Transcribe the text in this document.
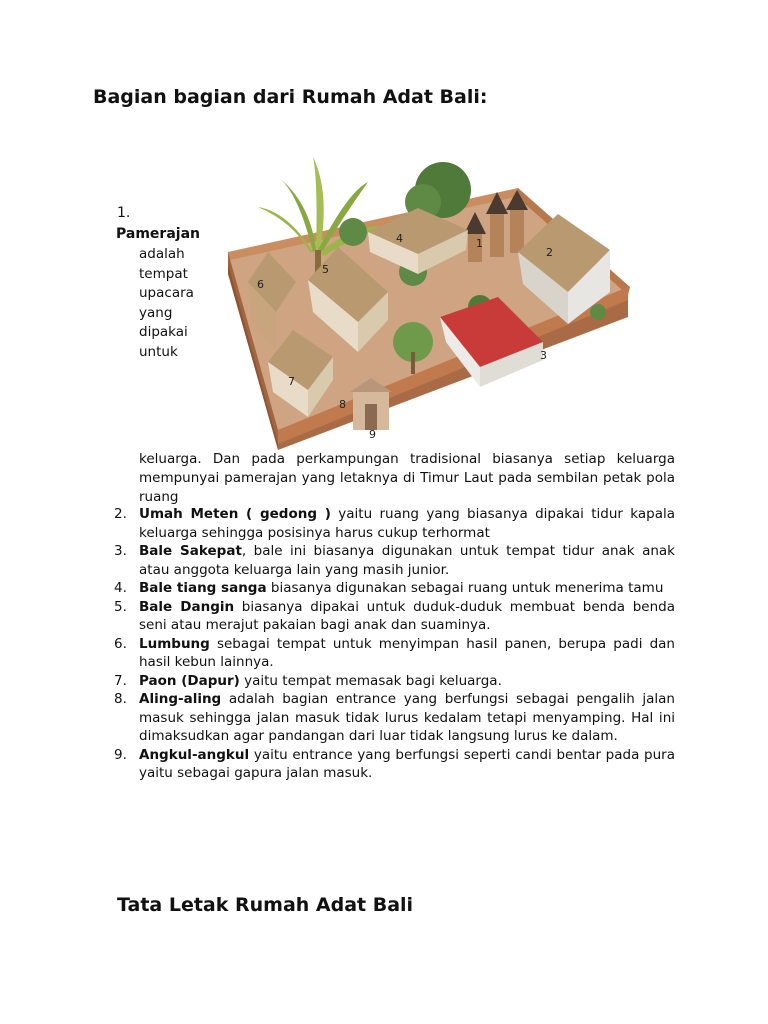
Bagian bagian dari Rumah Adat Bali:
1.
Pamerajan
adalah
tempat
upacara
yang
dipakai
untuk
1
2
3
4
5
6
7
8
9

keluarga. Dan pada perkampungan tradisional biasanya setiap keluarga mempunyai pamerajan yang letaknya di Timur Laut pada sembilan petak pola ruang

2. Umah Meten ( gedong ) yaitu ruang yang biasanya dipakai tidur kapala keluarga sehingga posisinya harus cukup terhormat
3. Bale Sakepat, bale ini biasanya digunakan untuk tempat tidur anak anak atau anggota keluarga lain yang masih junior.
4. Bale tiang sanga biasanya digunakan sebagai ruang untuk menerima tamu
5. Bale Dangin biasanya dipakai untuk duduk-duduk membuat benda benda seni atau merajut pakaian bagi anak dan suaminya.
6. Lumbung sebagai tempat untuk menyimpan hasil panen, berupa padi dan hasil kebun lainnya.
7. Paon (Dapur) yaitu tempat memasak bagi keluarga.
8. Aling-aling adalah bagian entrance yang berfungsi sebagai pengalih jalan masuk sehingga jalan masuk tidak lurus kedalam tetapi menyamping. Hal ini dimaksudkan agar pandangan dari luar tidak langsung lurus ke dalam.
9. Angkul-angkul yaitu entrance yang berfungsi seperti candi bentar pada pura yaitu sebagai gapura jalan masuk.
Tata Letak Rumah Adat Bali
